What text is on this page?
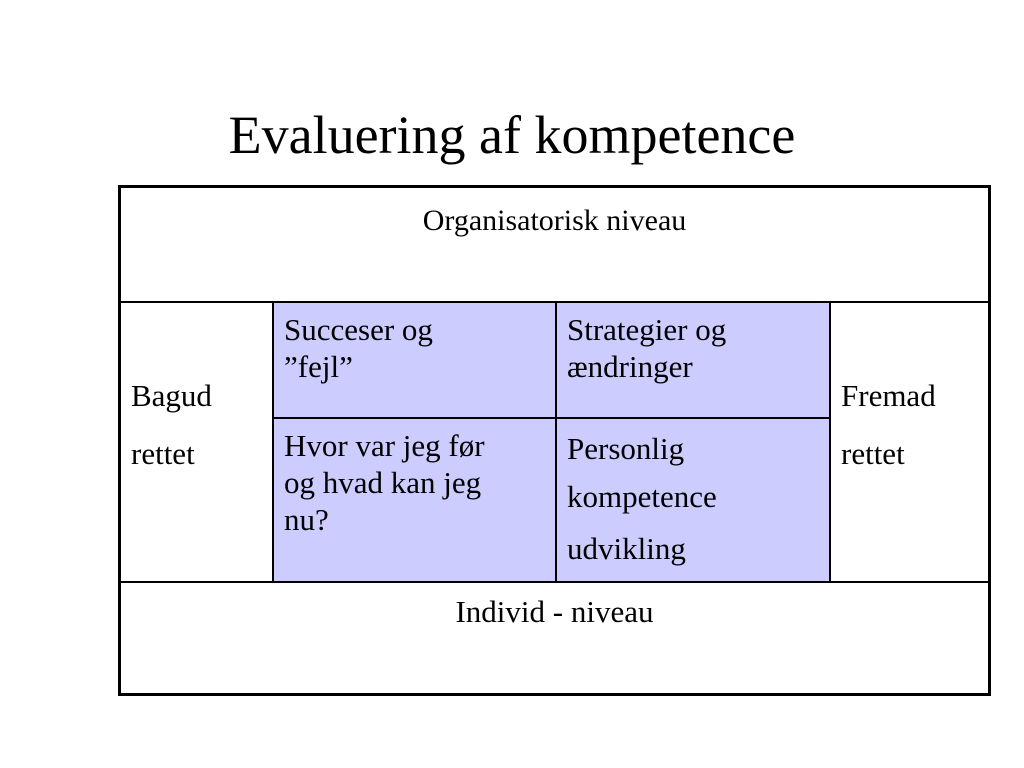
Evaluering af kompetence
Organisatorisk niveau
Bagud
rettet
Succeser og
”fejl”
Strategier og
ændringer
Hvor var jeg før
og hvad kan jeg
nu?
Personlig
kompetence
udvikling
Fremad
rettet
Individ - niveau
